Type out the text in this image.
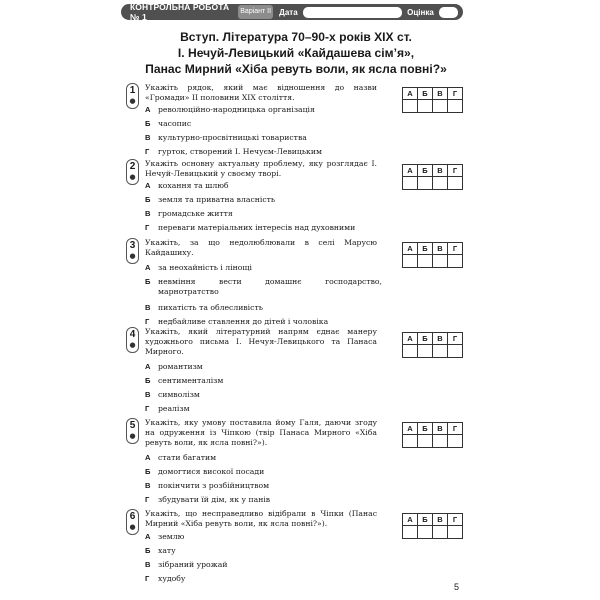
КОНТРОЛЬНА РОБОТА № 1
Варіант II Дата	Оцінка
Вступ. Література 70–90-х років ХІХ ст.
І. Нечуй-Левицький «Кайдашева сім’я»,
Панас Мирний «Хіба ревуть воли, як ясла повні?»
1
●
Укажіть рядок, який має відношення до назви «Громади» ІІ половини ХІХ століття.
А революційно-народницька організація
Б часопис
В культурно-просвітницькі товариства
Г гурток, створений І. Нечуєм-Левицьким
А	Б	В	Г

2
●
Укажіть основну актуальну проблему, яку розглядає І. Нечуй-Левицький у своєму творі.
А кохання та шлюб
Б земля та приватна власність
В громадське життя
Г переваги матеріальних інтересів над духовними
А	Б	В	Г

3
●
Укажіть, за що недолюблювали в селі Марусю Кайдашиху.
А за неохайність і лінощі
Б невміння вести домашнє господарство, марнотратство
В пихатість та облесливість
Г недбайливе ставлення до дітей і чоловіка
А	Б	В	Г

4
●
Укажіть, який літературний напрям єднає манеру художнього письма І. Нечуя-Левицького та Панаса Мирного.
А романтизм
Б сентименталізм
В символізм
Г реалізм
А	Б	В	Г

5
●
Укажіть, яку умову поставила йому Галя, даючи згоду на одруження із Чіпкою (твір Панаса Мирного «Хіба ревуть воли, як ясла повні?»).
А стати багатим
Б домогтися високої посади
В покінчити з розбійництвом
Г збудувати їй дім, як у панів
А	Б	В	Г

6
●
Укажіть, що несправедливо відібрали в Чіпки (Панас Мирний «Хіба ревуть воли, як ясла повні?»).
А землю
Б хату
В зібраний урожай
Г худобу
А	Б	В	Г

5
